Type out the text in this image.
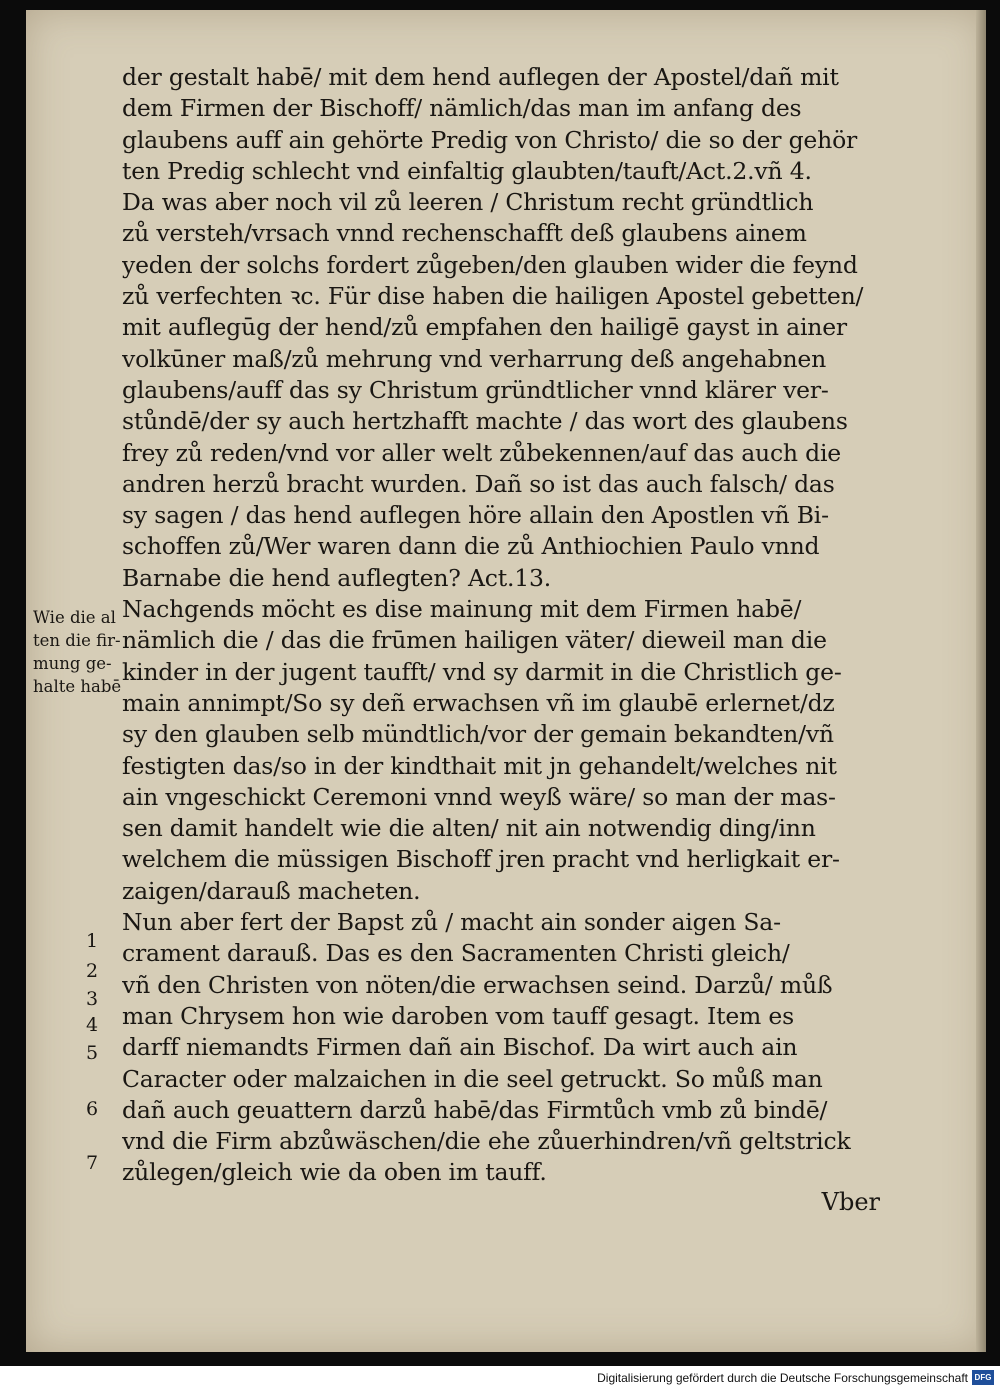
der gestalt habē/ mit dem hend auflegen der Apostel/dañ mit
dem Firmen der Bischoff/ nämlich/das man im anfang des
glaubens auff ain gehörte Predig von Christo/ die so der gehör
ten Predig schlecht vnd einfaltig glaubten/tauft/Act.2.vñ 4.
Da was aber noch vil zů leeren / Christum recht gründtlich
zů versteh/vrsach vnnd rechenschafft deß glaubens ainem
yeden der solchs fordert zůgeben/den glauben wider die feynd
zů verfechten ꝛc. Für dise haben die hailigen Apostel gebetten/
mit auflegūg der hend/zů empfahen den hailigē gayst in ainer
volkūner maß/zů mehrung vnd verharrung deß angehabnen
glaubens/auff das sy Christum gründtlicher vnnd klärer ver-
stůndē/der sy auch hertzhafft machte / das wort des glaubens
frey zů reden/vnd vor aller welt zůbekennen/auf das auch die
andren herzů bracht wurden. Dañ so ist das auch falsch/ das
sy sagen / das hend auflegen höre allain den Apostlen vñ Bi-
schoffen zů/Wer waren dann die zů Anthiochien Paulo vnnd
Barnabe die hend auflegten? Act.13.
Nachgends möcht es dise mainung mit dem Firmen habē/
nämlich die / das die frūmen hailigen väter/ dieweil man die
kinder in der jugent taufft/ vnd sy darmit in die Christlich ge-
main annimpt/So sy deñ erwachsen vñ im glaubē erlernet/dz
sy den glauben selb mündtlich/vor der gemain bekandten/vñ
festigten das/so in der kindthait mit jn gehandelt/welches nit
ain vngeschickt Ceremoni vnnd weyß wäre/ so man der mas-
sen damit handelt wie die alten/ nit ain notwendig ding/inn
welchem die müssigen Bischoff jren pracht vnd herligkait er-
zaigen/darauß macheten.
Nun aber fert der Bapst zů / macht ain sonder aigen Sa-
crament darauß. Das es den Sacramenten Christi gleich/
vñ den Christen von nöten/die erwachsen seind. Darzů/ můß
man Chrysem hon wie daroben vom tauff gesagt. Item es
darff niemandts Firmen dañ ain Bischof. Da wirt auch ain
Caracter oder malzaichen in die seel getruckt. So můß man
dañ auch geuattern darzů habē/das Firmtůch vmb zů bindē/
vnd die Firm abzůwäschen/die ehe zůuerhindren/vñ geltstrick
zůlegen/gleich wie da oben im tauff.
Wie die al
ten die fir-
mung ge-
halte habē
1
2
3
4
5
6
7
Vber
Digitalisierung gefördert durch die Deutsche Forschungsgemeinschaft DFG
